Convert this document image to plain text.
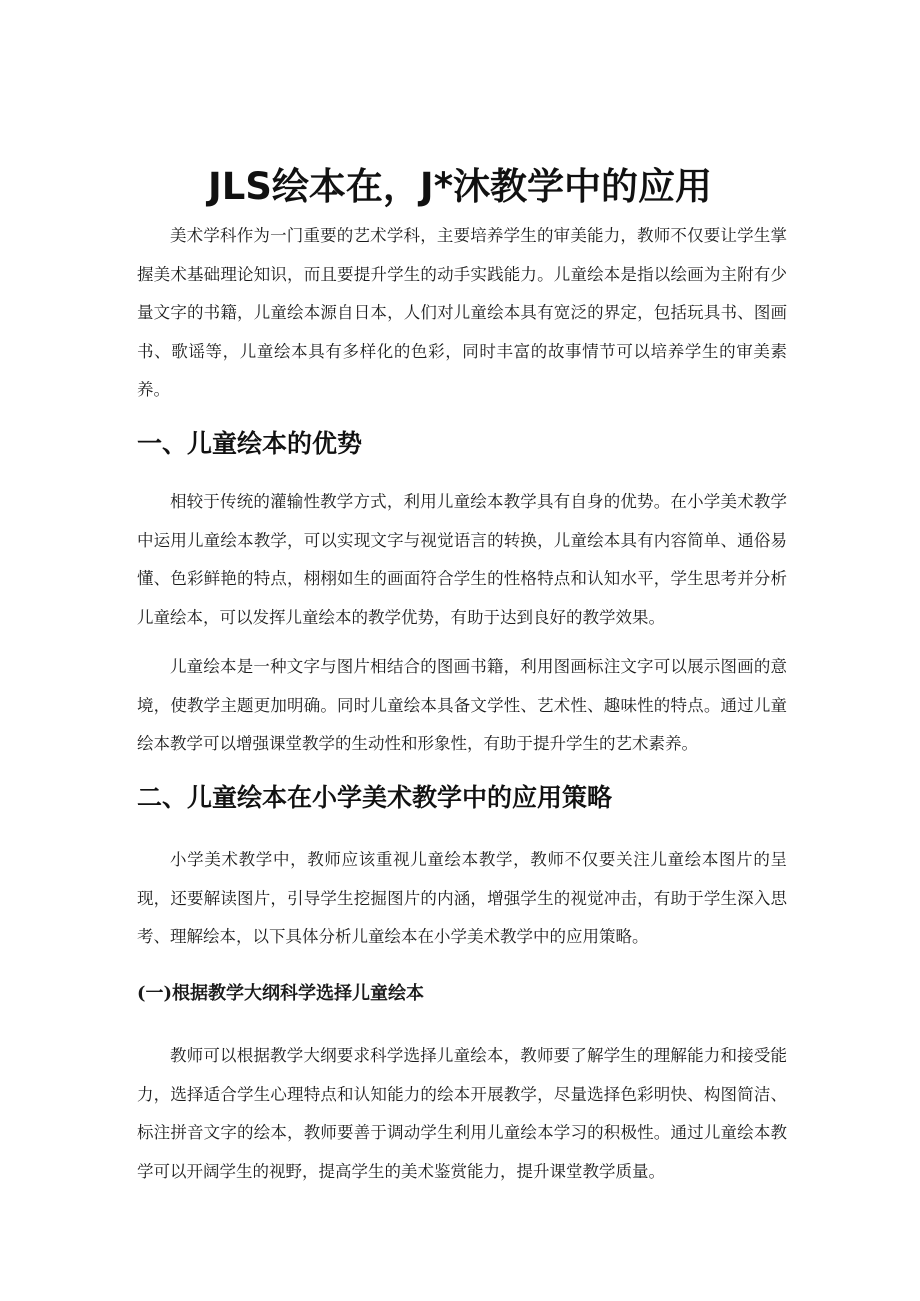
JLS绘本在，J*沐教学中的应用

美术学科作为一门重要的艺术学科，主要培养学生的审美能力，教师不仅要让学生掌握美术基础理论知识，而且要提升学生的动手实践能力。儿童绘本是指以绘画为主附有少量文字的书籍，儿童绘本源自日本，人们对儿童绘本具有宽泛的界定，包括玩具书、图画书、歌谣等，儿童绘本具有多样化的色彩，同时丰富的故事情节可以培养学生的审美素养。

一、儿童绘本的优势

相较于传统的灌输性教学方式，利用儿童绘本教学具有自身的优势。在小学美术教学中运用儿童绘本教学，可以实现文字与视觉语言的转换，儿童绘本具有内容简单、通俗易懂、色彩鲜艳的特点，栩栩如生的画面符合学生的性格特点和认知水平，学生思考并分析儿童绘本，可以发挥儿童绘本的教学优势，有助于达到良好的教学效果。

儿童绘本是一种文字与图片相结合的图画书籍，利用图画标注文字可以展示图画的意境，使教学主题更加明确。同时儿童绘本具备文学性、艺术性、趣味性的特点。通过儿童绘本教学可以增强课堂教学的生动性和形象性，有助于提升学生的艺术素养。

二、儿童绘本在小学美术教学中的应用策略

小学美术教学中，教师应该重视儿童绘本教学，教师不仅要关注儿童绘本图片的呈现，还要解读图片，引导学生挖掘图片的内涵，增强学生的视觉冲击，有助于学生深入思考、理解绘本，以下具体分析儿童绘本在小学美术教学中的应用策略。

(一)根据教学大纲科学选择儿童绘本

教师可以根据教学大纲要求科学选择儿童绘本，教师要了解学生的理解能力和接受能力，选择适合学生心理特点和认知能力的绘本开展教学，尽量选择色彩明快、构图简洁、标注拼音文字的绘本，教师要善于调动学生利用儿童绘本学习的积极性。通过儿童绘本教学可以开阔学生的视野，提高学生的美术鉴赏能力，提升课堂教学质量。
